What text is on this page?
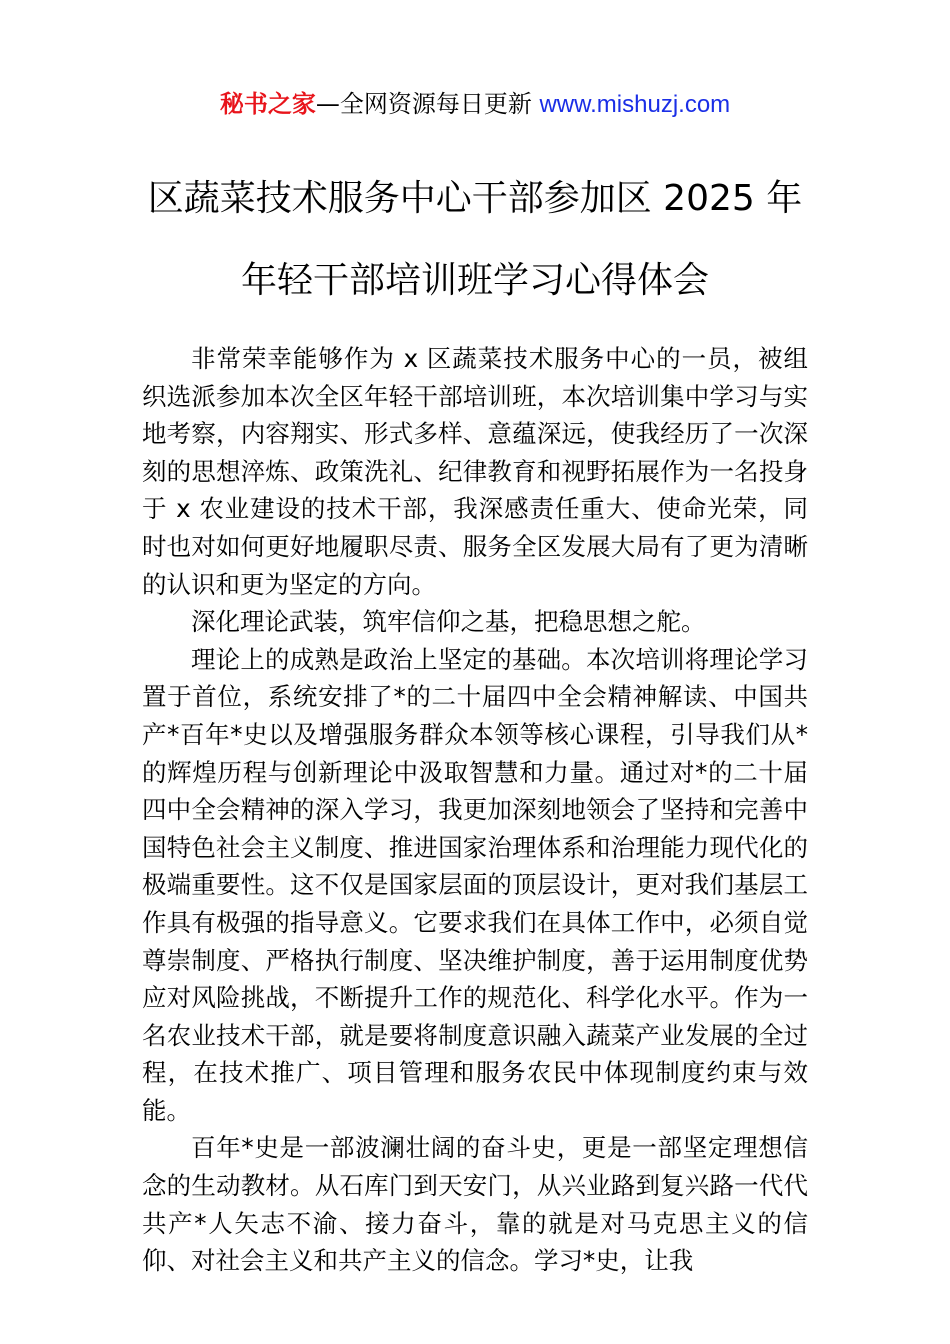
秘书之家—全网资源每日更新 www.mishuzj.com
区蔬菜技术服务中心干部参加区 2025 年
年轻干部培训班学习心得体会

非常荣幸能够作为 x 区蔬菜技术服务中心的一员，被组织选派参加本次全区年轻干部培训班，本次培训集中学习与实地考察，内容翔实、形式多样、意蕴深远，使我经历了一次深刻的思想淬炼、政策洗礼、纪律教育和视野拓展作为一名投身于 x 农业建设的技术干部，我深感责任重大、使命光荣，同时也对如何更好地履职尽责、服务全区发展大局有了更为清晰的认识和更为坚定的方向。

深化理论武装，筑牢信仰之基，把稳思想之舵。

理论上的成熟是政治上坚定的基础。本次培训将理论学习置于首位，系统安排了*的二十届四中全会精神解读、中国共产*百年*史以及增强服务群众本领等核心课程，引导我们从*的辉煌历程与创新理论中汲取智慧和力量。通过对*的二十届四中全会精神的深入学习，我更加深刻地领会了坚持和完善中国特色社会主义制度、推进国家治理体系和治理能力现代化的极端重要性。这不仅是国家层面的顶层设计，更对我们基层工作具有极强的指导意义。它要求我们在具体工作中，必须自觉尊崇制度、严格执行制度、坚决维护制度，善于运用制度优势应对风险挑战，不断提升工作的规范化、科学化水平。作为一名农业技术干部，就是要将制度意识融入蔬菜产业发展的全过程，在技术推广、项目管理和服务农民中体现制度约束与效能。

百年*史是一部波澜壮阔的奋斗史，更是一部坚定理想信念的生动教材。从石库门到天安门，从兴业路到复兴路一代代共产*人矢志不渝、接力奋斗，靠的就是对马克思主义的信仰、对社会主义和共产主义的信念。学习*史，让我
